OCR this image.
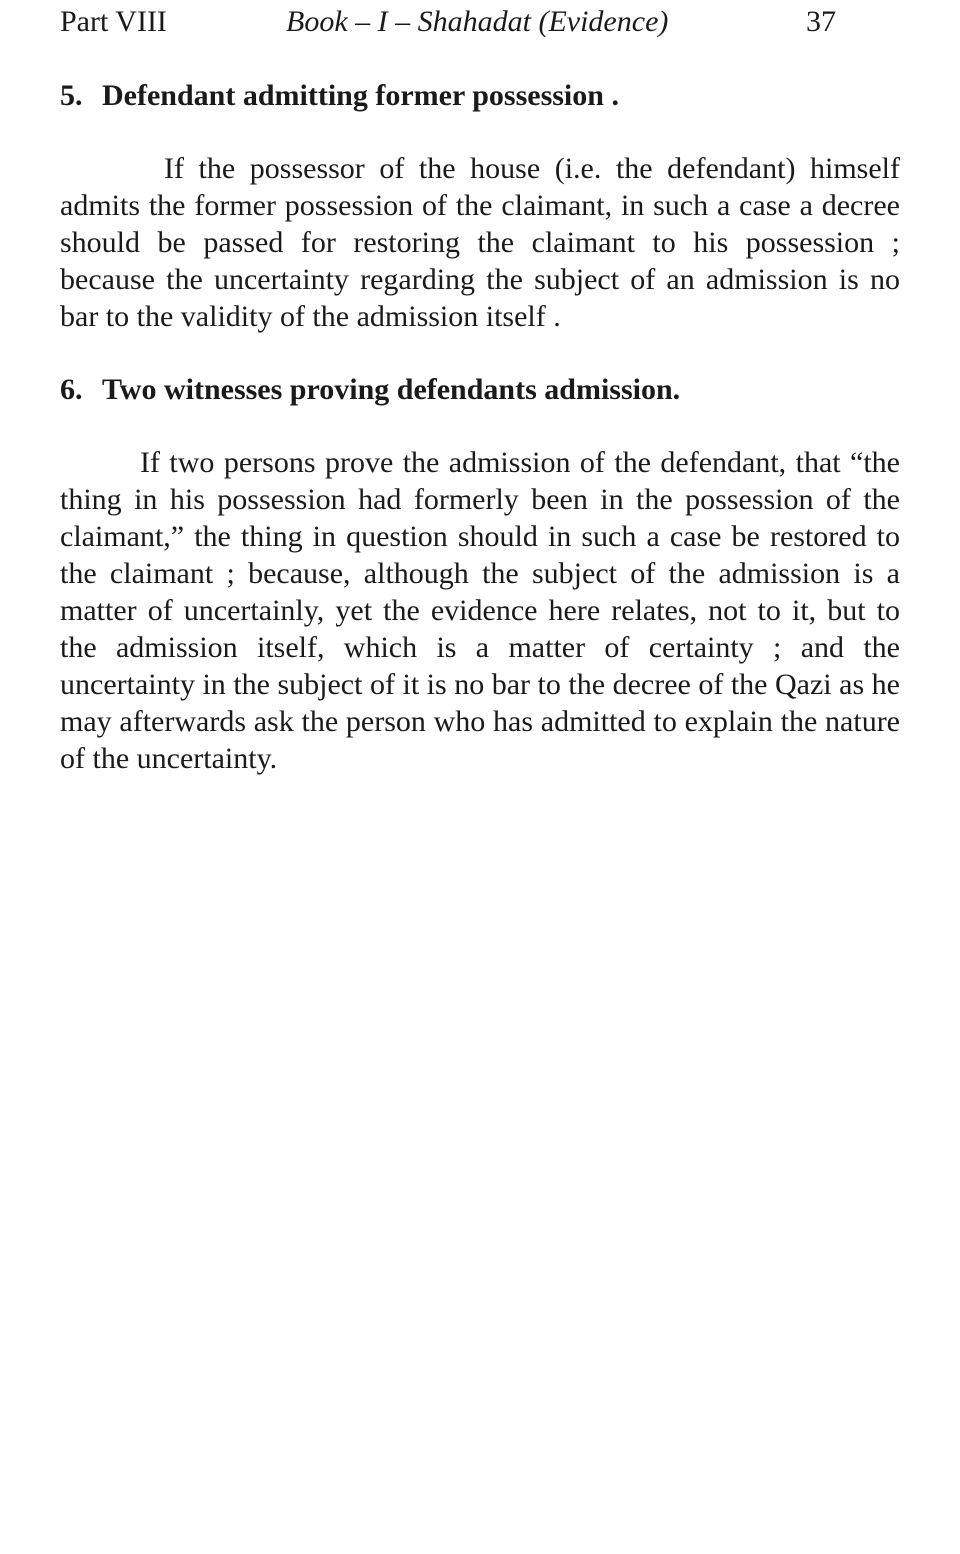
Part VIII	Book – I – Shahadat (Evidence)	37
5. Defendant admitting former possession .

If the possessor of the house (i.e. the defendant) himself admits the former possession of the claimant, in such a case a decree should be passed for restoring the claimant to his possession ; because the uncertainty regarding the subject of an admission is no bar to the validity of the admission itself .

6. Two witnesses proving defendants admission.

If two persons prove the admission of the defendant, that “the thing in his possession had formerly been in the possession of the claimant,” the thing in question should in such a case be restored to the claimant ; because, although the subject of the admission is a matter of uncertainly, yet the evidence here relates, not to it, but to the admission itself, which is a matter of certainty ; and the uncertainty in the subject of it is no bar to the decree of the Qazi as he may afterwards ask the person who has admitted to explain the nature of the uncertainty.
